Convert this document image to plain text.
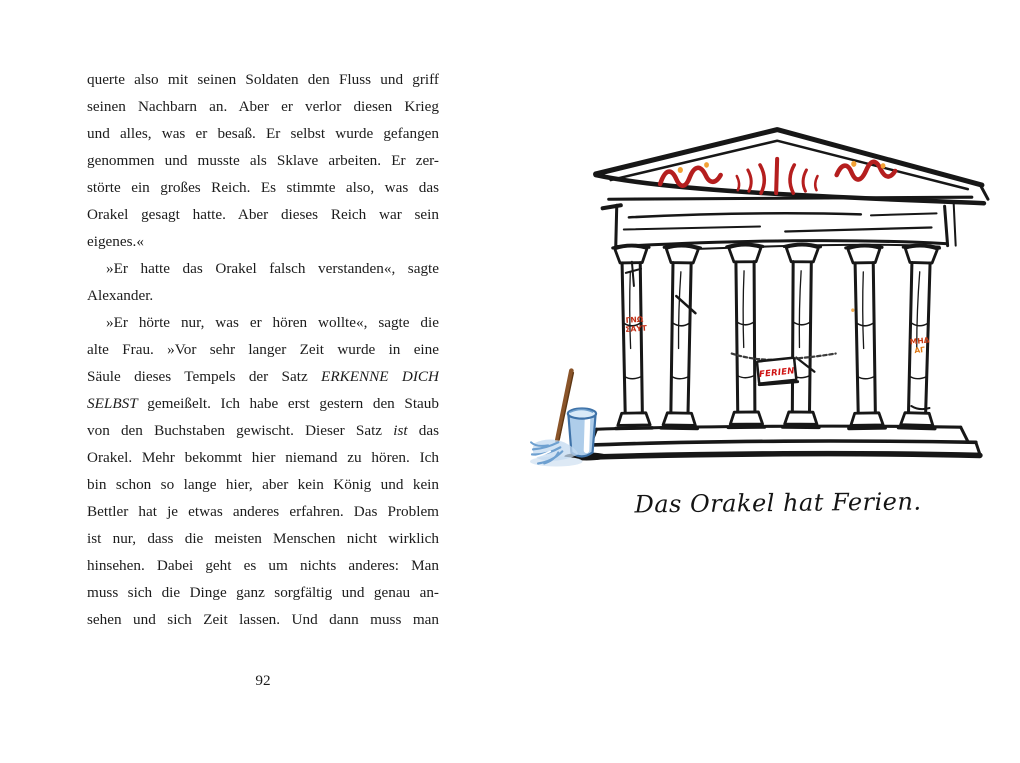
querte also mit seinen Soldaten den Fluss und griff
seinen Nachbarn an. Aber er verlor diesen Krieg
und alles, was er besaß. Er selbst wurde gefangen
genommen und musste als Sklave arbeiten. Er zer-
störte ein großes Reich. Es stimmte also, was das
Orakel gesagt hatte. Aber dieses Reich war sein
eigenes.«
»Er hatte das Orakel falsch verstanden«, sagte
Alexander.
»Er hörte nur, was er hören wollte«, sagte die
alte Frau. »Vor sehr langer Zeit wurde in eine
Säule dieses Tempels der Satz ERKENNE DICH
SELBST gemeißelt. Ich habe erst gestern den Staub
von den Buchstaben gewischt. Dieser Satz ist das
Orakel. Mehr bekommt hier niemand zu hören. Ich
bin schon so lange hier, aber kein König und kein
Bettler hat je etwas anderes erfahren. Das Problem
ist nur, dass die meisten Menschen nicht wirklich
hinsehen. Dabei geht es um nichts anderes: Man
muss sich die Dinge ganz sorgfältig und genau an-
sehen und sich Zeit lassen. Und dann muss man
92
ΓΝΩ
ΣΑΥΤ
ΜΗΔ
ΑΓ
FERIEN
Das Orakel hat Ferien.
